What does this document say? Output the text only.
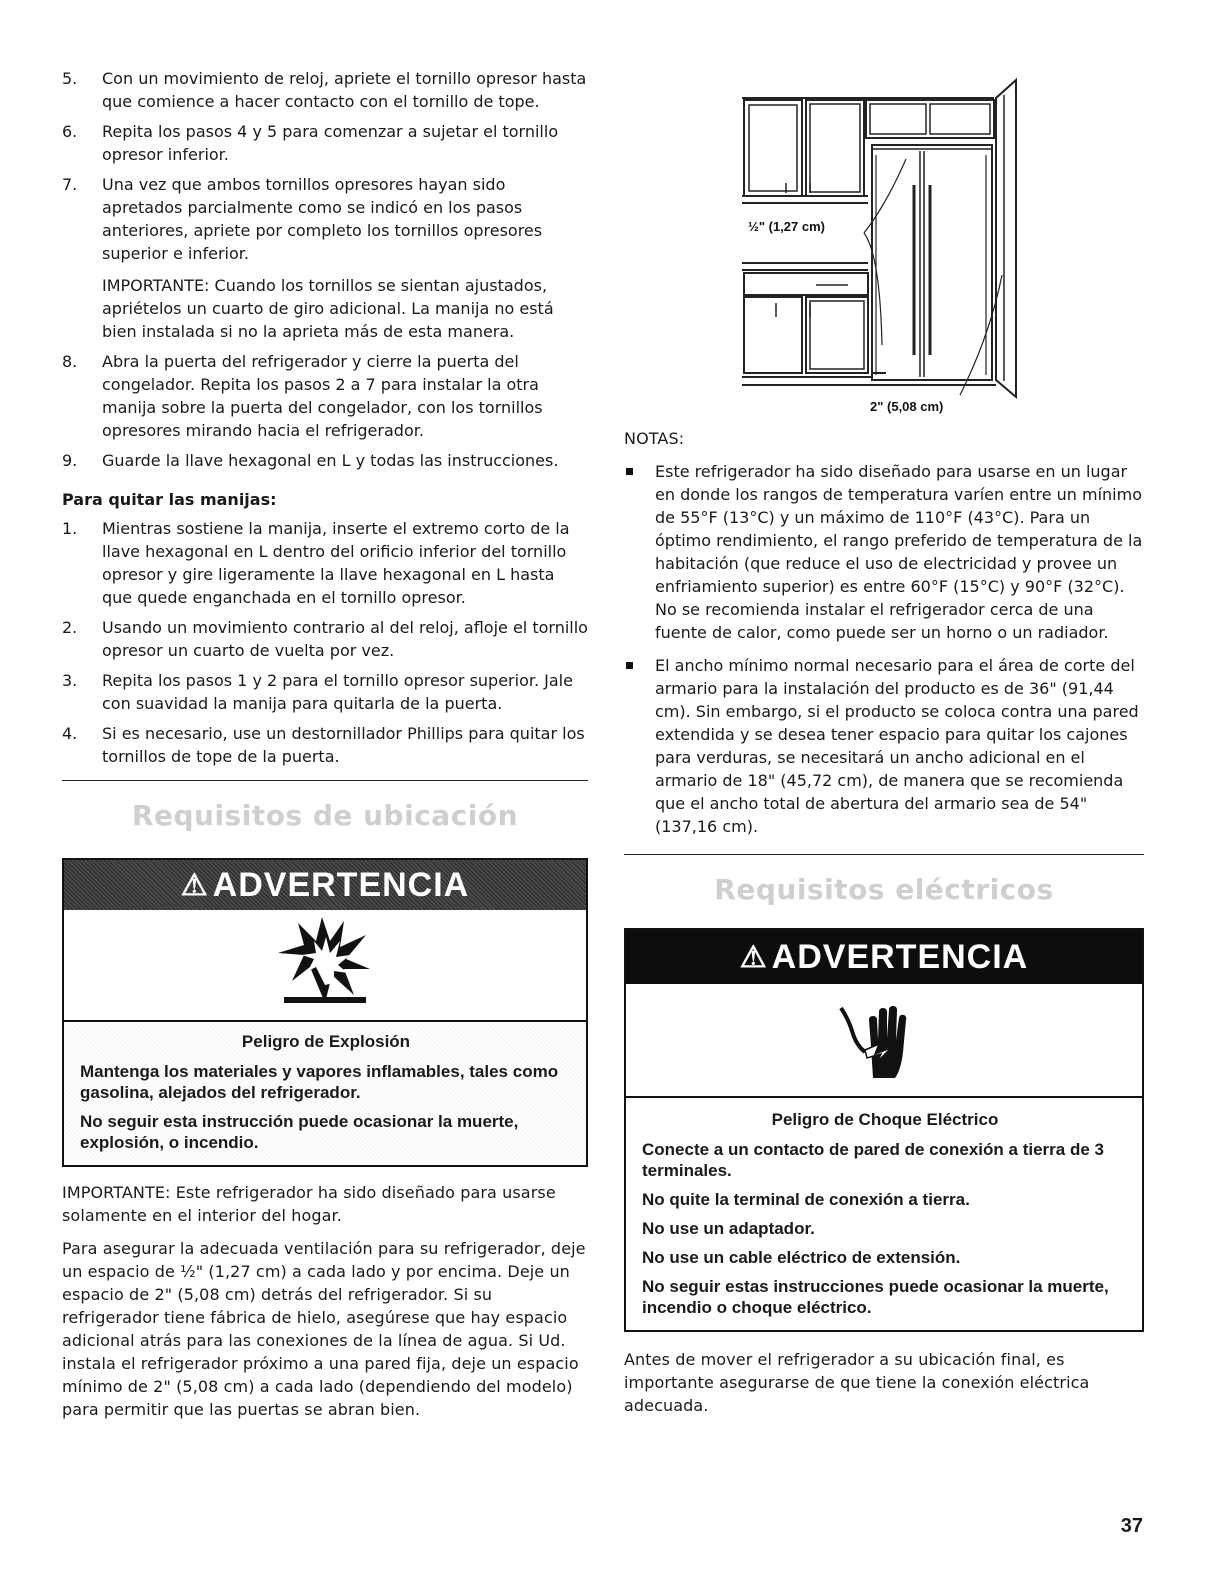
5. Con un movimiento de reloj, apriete el tornillo opresor hasta que comience a hacer contacto con el tornillo de tope.
6. Repita los pasos 4 y 5 para comenzar a sujetar el tornillo opresor inferior.
7. Una vez que ambos tornillos opresores hayan sido apretados parcialmente como se indicó en los pasos anteriores, apriete por completo los tornillos opresores superior e inferior.

IMPORTANTE: Cuando los tornillos se sientan ajustados, apriételos un cuarto de giro adicional. La manija no está bien instalada si no la aprieta más de esta manera.

8. Abra la puerta del refrigerador y cierre la puerta del congelador. Repita los pasos 2 a 7 para instalar la otra manija sobre la puerta del congelador, con los tornillos opresores mirando hacia el refrigerador.
9. Guarde la llave hexagonal en L y todas las instrucciones.
Para quitar las manijas:
1. Mientras sostiene la manija, inserte el extremo corto de la llave hexagonal en L dentro del orificio inferior del tornillo opresor y gire ligeramente la llave hexagonal en L hasta que quede enganchada en el tornillo opresor.
2. Usando un movimiento contrario al del reloj, afloje el tornillo opresor un cuarto de vuelta por vez.
3. Repita los pasos 1 y 2 para el tornillo opresor superior. Jale con suavidad la manija para quitarla de la puerta.
4. Si es necesario, use un destornillador Phillips para quitar los tornillos de tope de la puerta.
Requisitos de ubicación
⚠ ADVERTENCIA
Peligro de Explosión
Mantenga los materiales y vapores inflamables, tales como gasolina, alejados del refrigerador.
No seguir esta instrucción puede ocasionar la muerte, explosión, o incendio.

IMPORTANTE: Este refrigerador ha sido diseñado para usarse solamente en el interior del hogar.

Para asegurar la adecuada ventilación para su refrigerador, deje un espacio de ½" (1,27 cm) a cada lado y por encima. Deje un espacio de 2" (5,08 cm) detrás del refrigerador. Si su refrigerador tiene fábrica de hielo, asegúrese que hay espacio adicional atrás para las conexiones de la línea de agua. Si Ud. instala el refrigerador próximo a una pared fija, deje un espacio mínimo de 2" (5,08 cm) a cada lado (dependiendo del modelo) para permitir que las puertas se abran bien.

½" (1,27 cm)
2" (5,08 cm)

NOTAS:

Este refrigerador ha sido diseñado para usarse en un lugar en donde los rangos de temperatura varíen entre un mínimo de 55°F (13°C) y un máximo de 110°F (43°C). Para un óptimo rendimiento, el rango preferido de temperatura de la habitación (que reduce el uso de electricidad y provee un enfriamiento superior) es entre 60°F (15°C) y 90°F (32°C). No se recomienda instalar el refrigerador cerca de una fuente de calor, como puede ser un horno o un radiador.
El ancho mínimo normal necesario para el área de corte del armario para la instalación del producto es de 36" (91,44 cm). Sin embargo, si el producto se coloca contra una pared extendida y se desea tener espacio para quitar los cajones para verduras, se necesitará un ancho adicional en el armario de 18" (45,72 cm), de manera que se recomienda que el ancho total de abertura del armario sea de 54" (137,16 cm).
Requisitos eléctricos
⚠ ADVERTENCIA
Peligro de Choque Eléctrico
Conecte a un contacto de pared de conexión a tierra de 3 terminales.
No quite la terminal de conexión a tierra.
No use un adaptador.
No use un cable eléctrico de extensión.
No seguir estas instrucciones puede ocasionar la muerte, incendio o choque eléctrico.

Antes de mover el refrigerador a su ubicación final, es importante asegurarse de que tiene la conexión eléctrica adecuada.

37
